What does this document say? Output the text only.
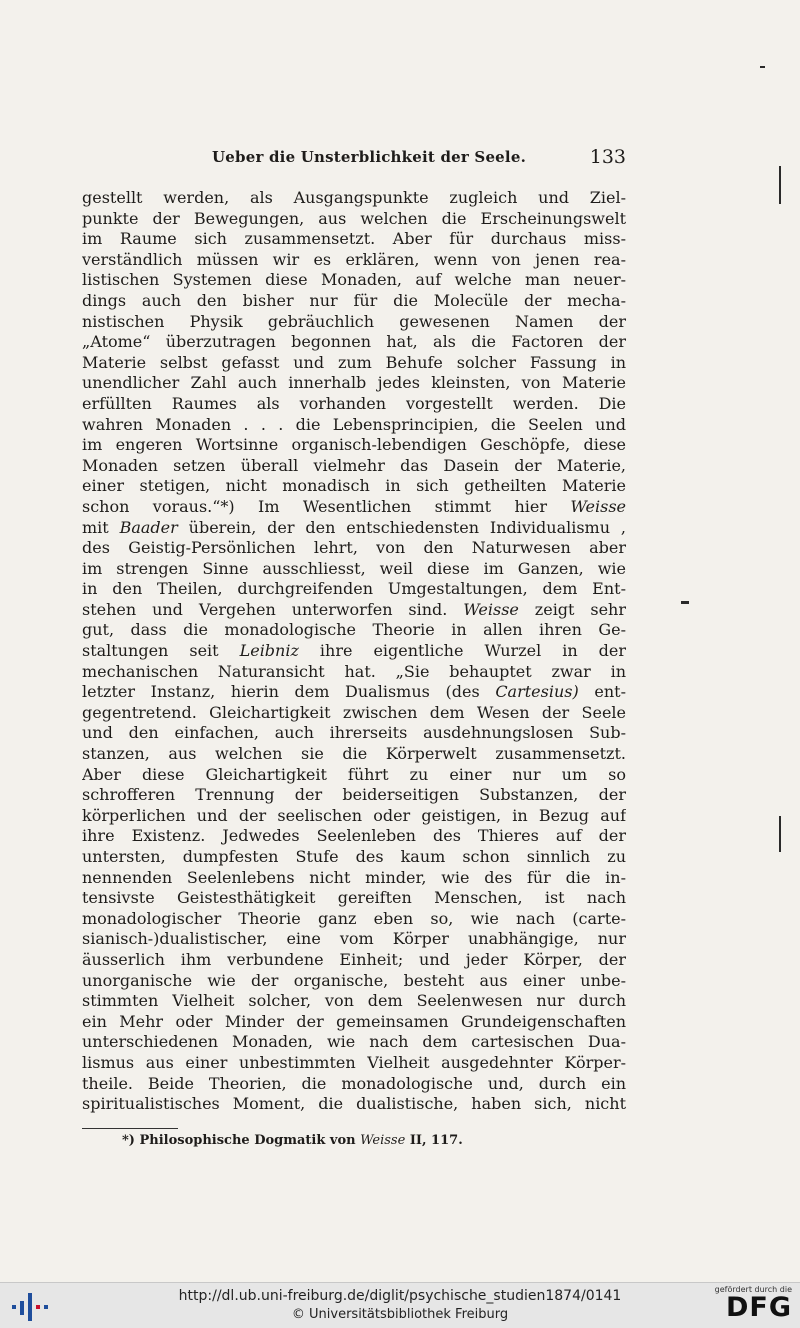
Ueber die Unsterblichkeit der Seele.	133
gestellt werden, als Ausgangspunkte zugleich und Ziel-
punkte der Bewegungen, aus welchen die Erscheinungswelt
im Raume sich zusammensetzt. Aber für durchaus miss-
verständlich müssen wir es erklären, wenn von jenen rea-
listischen Systemen diese Monaden, auf welche man neuer-
dings auch den bisher nur für die Molecüle der mecha-
nistischen Physik gebräuchlich gewesenen Namen der
„Atome“ überzutragen begonnen hat, als die Factoren der
Materie selbst gefasst und zum Behufe solcher Fassung in
unendlicher Zahl auch innerhalb jedes kleinsten, von Materie
erfüllten Raumes als vorhanden vorgestellt werden. Die
wahren Monaden . . . die Lebensprincipien, die Seelen und
im engeren Wortsinne organisch-lebendigen Geschöpfe, diese
Monaden setzen überall vielmehr das Dasein der Materie,
einer stetigen, nicht monadisch in sich getheilten Materie
schon voraus.“*) Im Wesentlichen stimmt hier Weisse
mit Baader überein, der den entschiedensten Individualismu ,
des Geistig-Persönlichen lehrt, von den Naturwesen aber
im strengen Sinne ausschliesst, weil diese im Ganzen, wie
in den Theilen, durchgreifenden Umgestaltungen, dem Ent-
stehen und Vergehen unterworfen sind. Weisse zeigt sehr
gut, dass die monadologische Theorie in allen ihren Ge-
staltungen seit Leibniz ihre eigentliche Wurzel in der
mechanischen Naturansicht hat. „Sie behauptet zwar in
letzter Instanz, hierin dem Dualismus (des Cartesius) ent-
gegentretend. Gleichartigkeit zwischen dem Wesen der Seele
und den einfachen, auch ihrerseits ausdehnungslosen Sub-
stanzen, aus welchen sie die Körperwelt zusammensetzt.
Aber diese Gleichartigkeit führt zu einer nur um so
schrofferen Trennung der beiderseitigen Substanzen, der
körperlichen und der seelischen oder geistigen, in Bezug auf
ihre Existenz. Jedwedes Seelenleben des Thieres auf der
untersten, dumpfesten Stufe des kaum schon sinnlich zu
nennenden Seelenlebens nicht minder, wie des für die in-
tensivste Geistesthätigkeit gereiften Menschen, ist nach
monadologischer Theorie ganz eben so, wie nach (carte-
sianisch-)dualistischer, eine vom Körper unabhängige, nur
äusserlich ihm verbundene Einheit; und jeder Körper, der
unorganische wie der organische, besteht aus einer unbe-
stimmten Vielheit solcher, von dem Seelenwesen nur durch
ein Mehr oder Minder der gemeinsamen Grundeigenschaften
unterschiedenen Monaden, wie nach dem cartesischen Dua-
lismus aus einer unbestimmten Vielheit ausgedehnter Körper-
theile. Beide Theorien, die monadologische und, durch ein
spiritualistisches Moment, die dualistische, haben sich, nicht
*) Philosophische Dogmatik von Weisse II, 117.
http://dl.ub.uni-freiburg.de/diglit/psychische_studien1874/0141
© Universitätsbibliothek Freiburg
gefördert durch die
DFG
